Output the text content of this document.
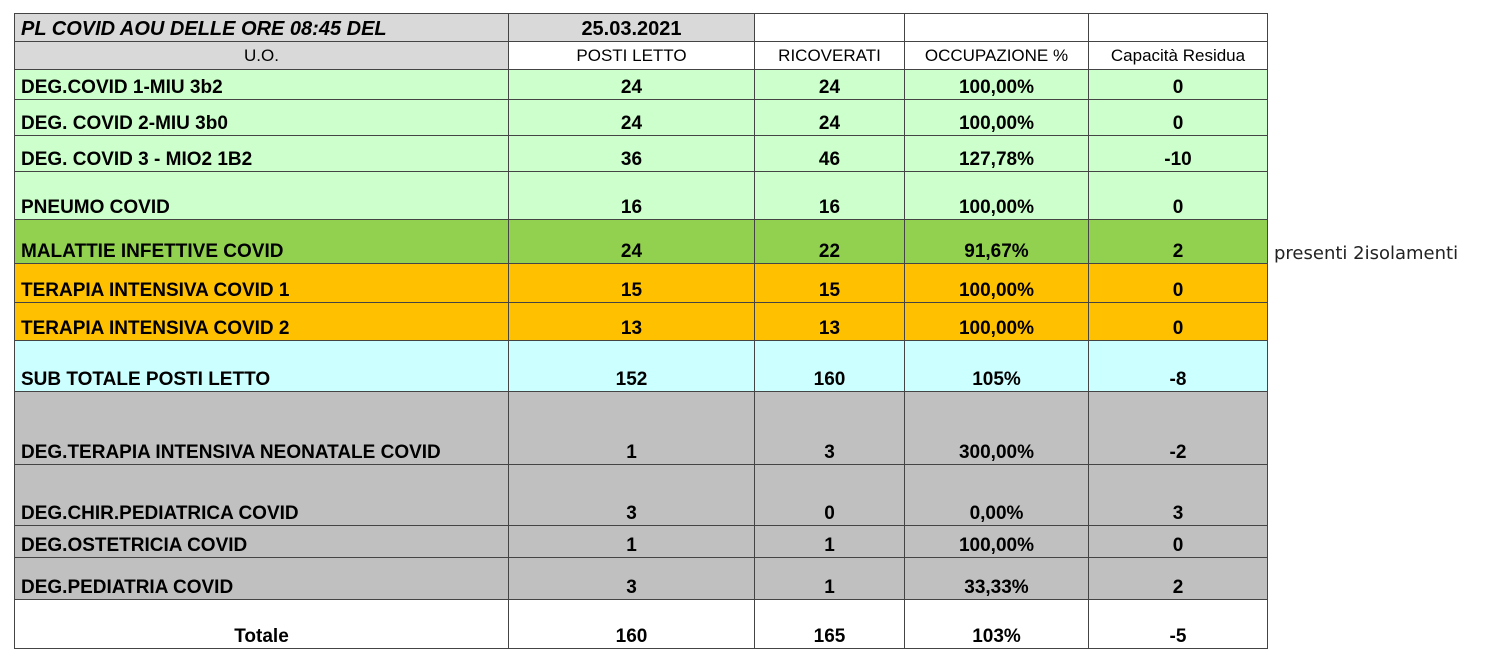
PL COVID AOU DELLE ORE 08:45 DEL	25.03.2021			
U.O.	POSTI LETTO	RICOVERATI	OCCUPAZIONE %	Capacità Residua
DEG.COVID 1-MIU 3b2	24	24	100,00%	0
DEG. COVID 2-MIU 3b0	24	24	100,00%	0
DEG. COVID 3 - MIO2 1B2	36	46	127,78%	-10
PNEUMO COVID	16	16	100,00%	0
MALATTIE INFETTIVE COVID	24	22	91,67%	2
TERAPIA INTENSIVA COVID 1	15	15	100,00%	0
TERAPIA INTENSIVA COVID 2	13	13	100,00%	0
SUB TOTALE POSTI LETTO	152	160	105%	-8
DEG.TERAPIA INTENSIVA NEONATALE COVID	1	3	300,00%	-2
DEG.CHIR.PEDIATRICA COVID	3	0	0,00%	3
DEG.OSTETRICIA COVID	1	1	100,00%	0
DEG.PEDIATRIA COVID	3	1	33,33%	2
Totale	160	165	103%	-5
presenti 2isolamenti
